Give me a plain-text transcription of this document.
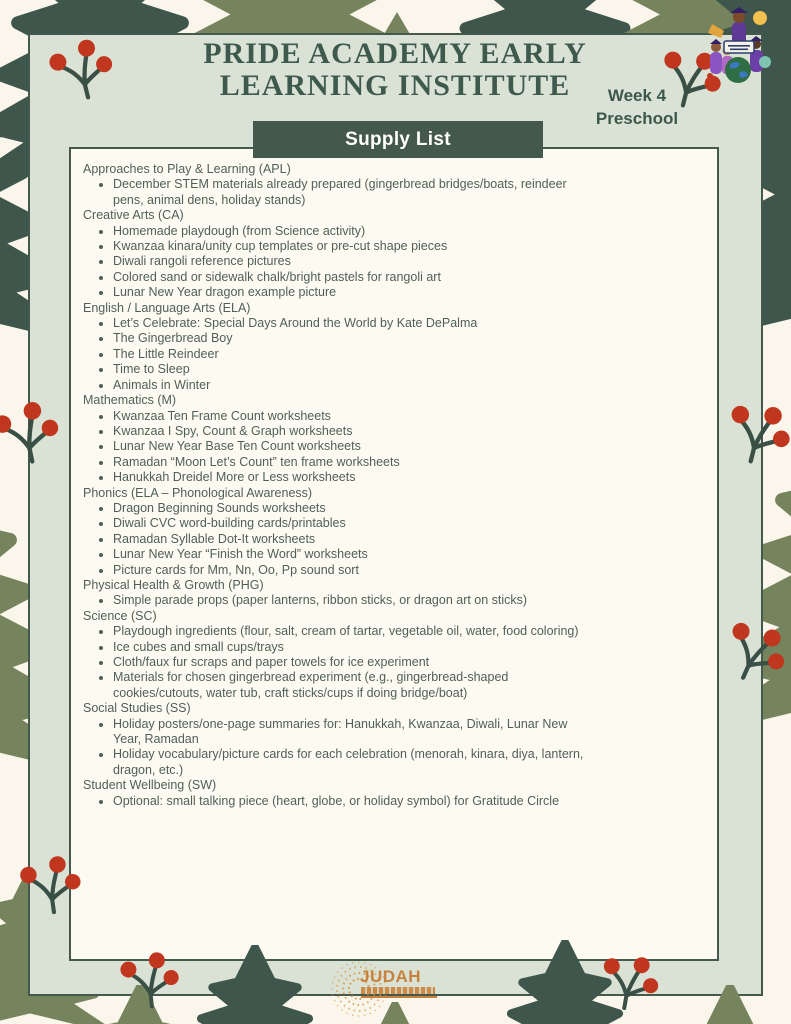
PRIDE ACADEMY EARLY
LEARNING INSTITUTE	Week 4
Preschool
Supply List
Approaches to Play & Learning (APL)
December STEM materials already prepared (gingerbread bridges/boats, reindeer pens, animal dens, holiday stands)
Creative Arts (CA)
Homemade playdough (from Science activity)
Kwanzaa kinara/unity cup templates or pre-cut shape pieces
Diwali rangoli reference pictures
Colored sand or sidewalk chalk/bright pastels for rangoli art
Lunar New Year dragon example picture
English / Language Arts (ELA)
Let’s Celebrate: Special Days Around the World by Kate DePalma
The Gingerbread Boy
The Little Reindeer
Time to Sleep
Animals in Winter
Mathematics (M)
Kwanzaa Ten Frame Count worksheets
Kwanzaa I Spy, Count & Graph worksheets
Lunar New Year Base Ten Count worksheets
Ramadan “Moon Let’s Count” ten frame worksheets
Hanukkah Dreidel More or Less worksheets
Phonics (ELA – Phonological Awareness)
Dragon Beginning Sounds worksheets
Diwali CVC word-building cards/printables
Ramadan Syllable Dot-It worksheets
Lunar New Year “Finish the Word” worksheets
Picture cards for Mm, Nn, Oo, Pp sound sort
Physical Health & Growth (PHG)
Simple parade props (paper lanterns, ribbon sticks, or dragon art on sticks)
Science (SC)
Playdough ingredients (flour, salt, cream of tartar, vegetable oil, water, food coloring)
Ice cubes and small cups/trays
Cloth/faux fur scraps and paper towels for ice experiment
Materials for chosen gingerbread experiment (e.g., gingerbread-shaped cookies/cutouts, water tub, craft sticks/cups if doing bridge/boat)
Social Studies (SS)
Holiday posters/one-page summaries for: Hanukkah, Kwanzaa, Diwali, Lunar New Year, Ramadan
Holiday vocabulary/picture cards for each celebration (menorah, kinara, diya, lantern, dragon, etc.)
Student Wellbeing (SW)
Optional: small talking piece (heart, globe, or holiday symbol) for Gratitude Circle
JUDAH
